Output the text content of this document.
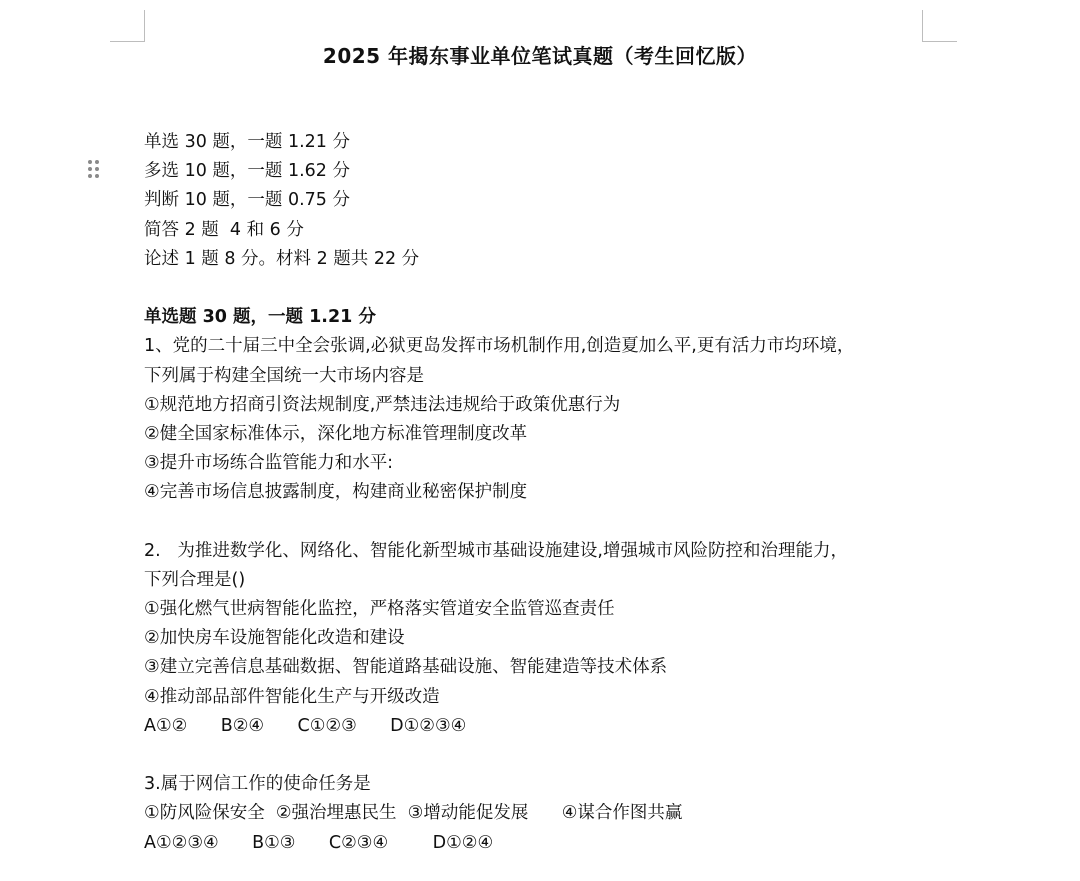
2025 年揭东事业单位笔试真题（考生回忆版）
单选 30 题，一题 1.21 分
多选 10 题，一题 1.62 分
判断 10 题，一题 0.75 分
简答 2 题  4 和 6 分
论述 1 题 8 分。材料 2 题共 22 分
单选题 30 题，一题 1.21 分
1、党的二十届三中全会张调,必狱更岛发挥市场机制作用,创造夏加么平,更有活力市均环境，
下列属于构建全国统一大市场内容是
①规范地方招商引资法规制度,严禁违法违规给于政策优惠行为
②健全国家标准体示，深化地方标准管理制度改革
③提升市场练合监管能力和水平:
④完善市场信息披露制度，构建商业秘密保护制度
2.   为推进数学化、网络化、智能化新型城市基础设施建设,增强城市风险防控和治理能力，
下列合理是()
①强化燃气世病智能化监控，严格落实管道安全监管巡查责任
②加快房车设施智能化改造和建设
③建立完善信息基础数据、智能道路基础设施、智能建造等技术体系
④推动部品部件智能化生产与开级改造
A①②      B②④      C①②③      D①②③④
3.属于网信工作的使命任务是
①防风险保安全  ②强治埋惠民生  ③增动能促发展      ④谋合作图共赢
A①②③④      B①③      C②③④        D①②④
